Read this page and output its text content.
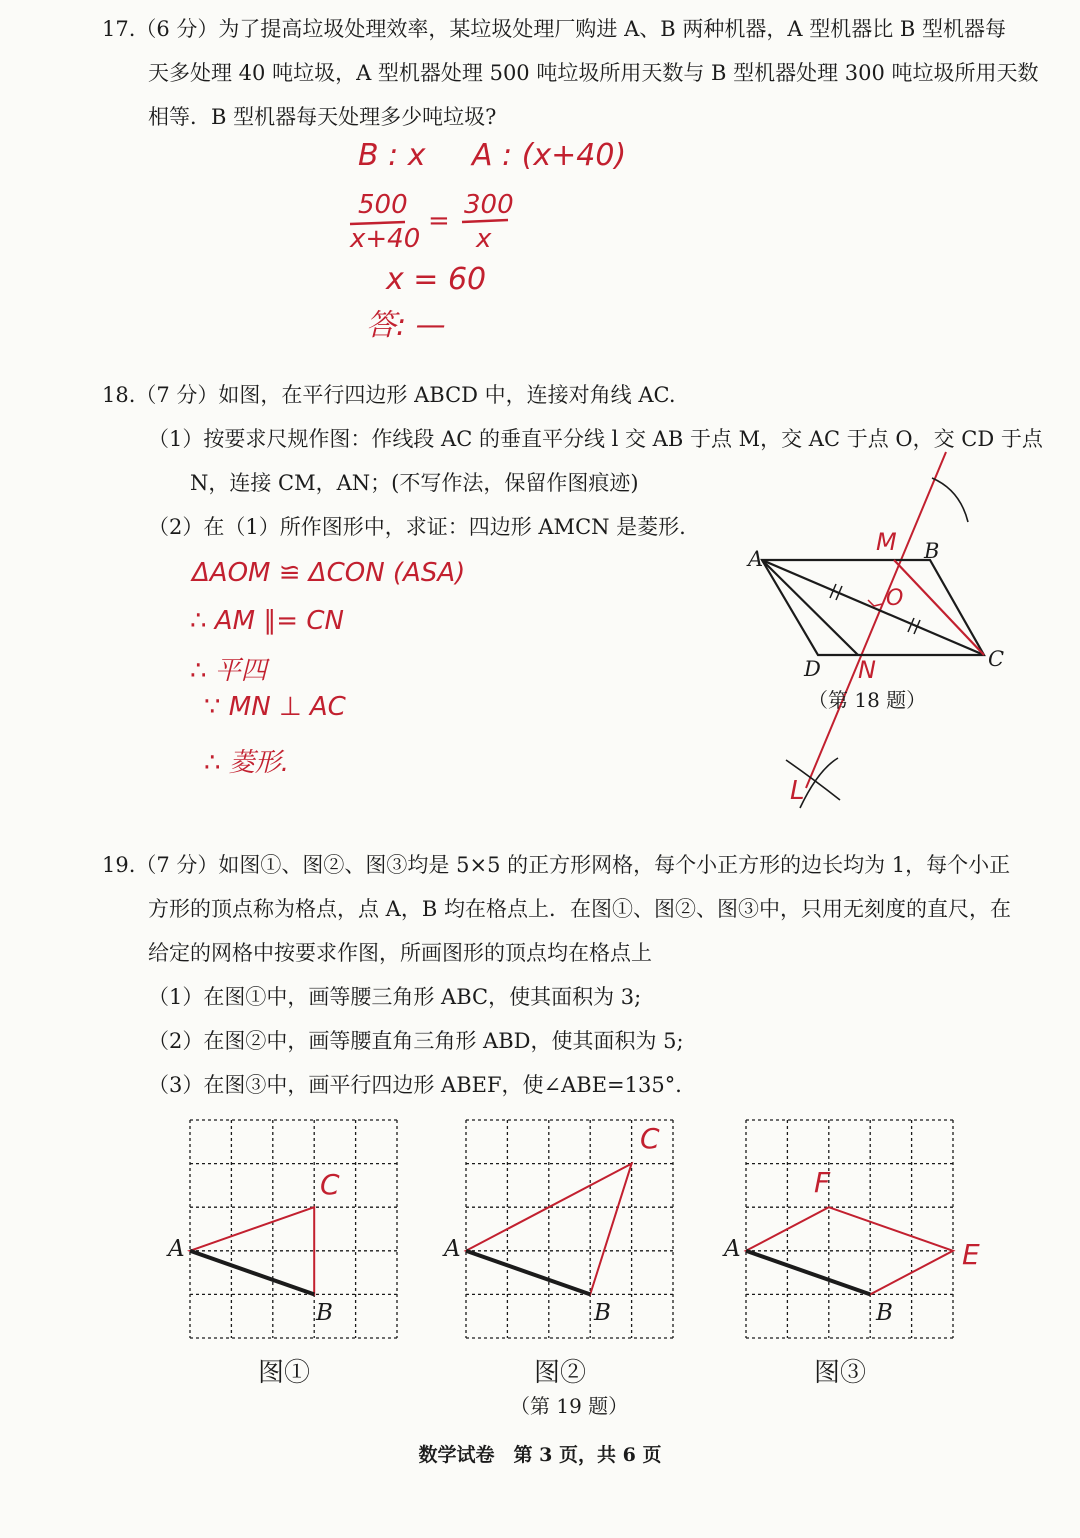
17.（6 分）为了提高垃圾处理效率，某垃圾处理厂购进 A、B 两种机器，A 型机器比 B 型机器每
天多处理 40 吨垃圾，A 型机器处理 500 吨垃圾所用天数与 B 型机器处理 300 吨垃圾所用天数
相等．B 型机器每天处理多少吨垃圾?
B : x A : (x+40)
500
x+40
=
300
x
x = 60
答: —
18.（7 分）如图，在平行四边形 ABCD 中，连接对角线 AC.
（1）按要求尺规作图：作线段 AC 的垂直平分线 l 交 AB 于点 M，交 AC 于点 O，交 CD 于点
N，连接 CM，AN；(不写作法，保留作图痕迹)
（2）在（1）所作图形中，求证：四边形 AMCN 是菱形.
ΔAOM ≌ ΔCON (ASA)
∴ AM ∥= CN
∴ 平四
∵ MN ⊥ AC
∴ 菱形.
A	B
C
D
M
N
O
L
（第 18 题）
19.（7 分）如图①、图②、图③均是 5×5 的正方形网格，每个小正方形的边长均为 1，每个小正
方形的顶点称为格点，点 A，B 均在格点上．在图①、图②、图③中，只用无刻度的直尺，在
给定的网格中按要求作图，所画图形的顶点均在格点上
（1）在图①中，画等腰三角形 ABC，使其面积为 3;
（2）在图②中，画等腰直角三角形 ABD，使其面积为 5;
（3）在图③中，画平行四边形 ABEF，使∠ABE=135°．
A
B
C
图①
A
B
C
图②
A
B
E
F
图③
（第 19 题）
数学试卷　第 3 页，共 6 页
